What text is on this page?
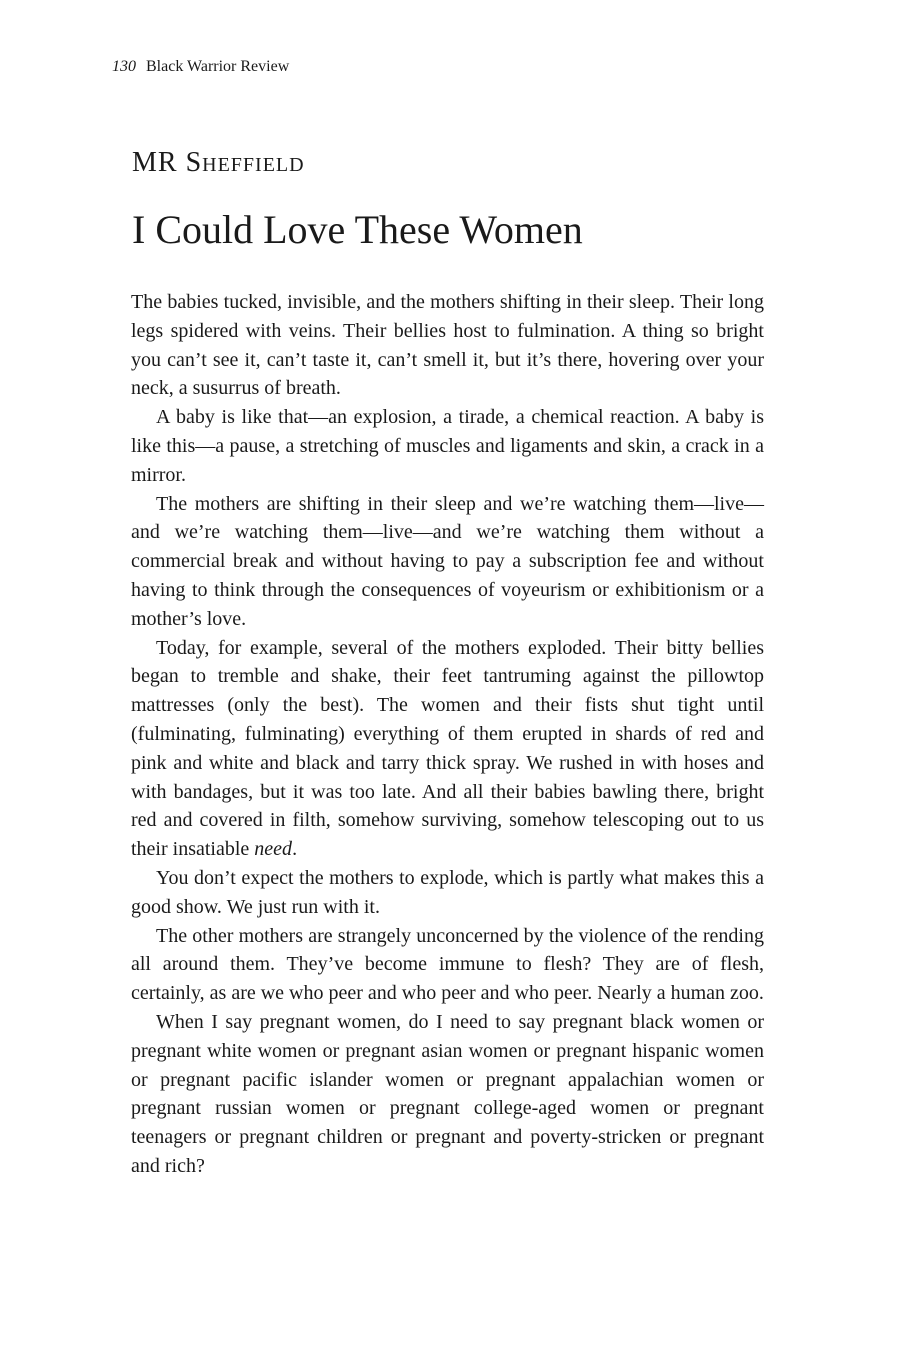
130 Black Warrior Review
MR Sheffield
I Could Love These Women

The babies tucked, invisible, and the mothers shifting in their sleep. Their long legs spidered with veins. Their bellies host to fulmination. A thing so bright you can’t see it, can’t taste it, can’t smell it, but it’s there, hovering over your neck, a susurrus of breath.

A baby is like that—an explosion, a tirade, a chemical reaction. A baby is like this—a pause, a stretching of muscles and ligaments and skin, a crack in a mirror.

The mothers are shifting in their sleep and we’re watching them—live—and we’re watching them—live—and we’re watching them without a commercial break and without having to pay a subscription fee and without having to think through the consequences of voyeurism or exhibitionism or a mother’s love.

Today, for example, several of the mothers exploded. Their bitty bellies began to tremble and shake, their feet tantruming against the pillowtop mattresses (only the best). The women and their fists shut tight until (fulminating, fulminating) everything of them erupted in shards of red and pink and white and black and tarry thick spray. We rushed in with hoses and with bandages, but it was too late. And all their babies bawling there, bright red and covered in filth, somehow surviving, somehow telescoping out to us their insatiable need.

You don’t expect the mothers to explode, which is partly what makes this a good show. We just run with it.

The other mothers are strangely unconcerned by the violence of the rending all around them. They’ve become immune to flesh? They are of flesh, certainly, as are we who peer and who peer and who peer. Nearly a human zoo.

When I say pregnant women, do I need to say pregnant black women or pregnant white women or pregnant asian women or pregnant hispanic women or pregnant pacific islander women or pregnant appalachian women or pregnant russian women or pregnant college-aged women or pregnant teenagers or pregnant children or pregnant and poverty-stricken or pregnant and rich?
